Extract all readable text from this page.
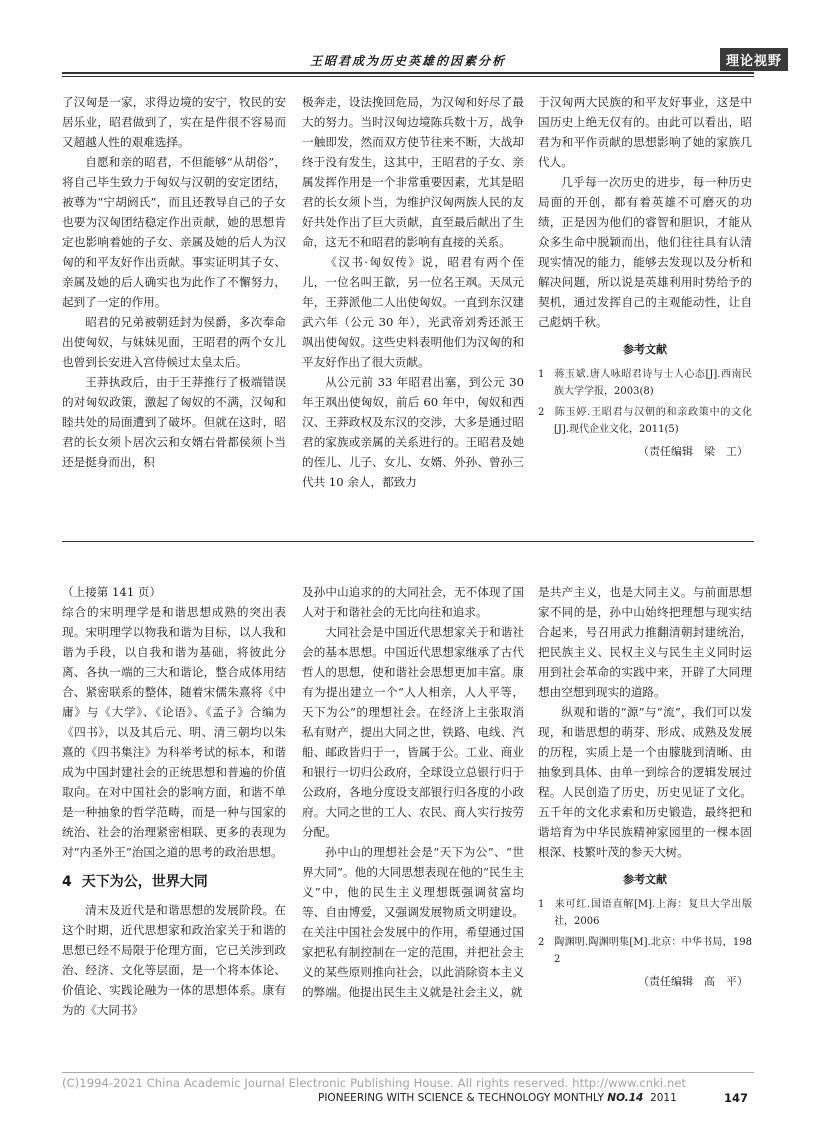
王昭君成为历史英雄的因素分析	理论视野

了汉匈是一家，求得边境的安宁，牧民的安居乐业，昭君做到了，实在是件很不容易而又超越人性的艰难选择。

自愿和亲的昭君，不但能够“从胡俗”，将自己毕生致力于匈奴与汉朝的安定团结，被尊为“宁胡阏氏”，而且还教导自己的子女也要为汉匈团结稳定作出贡献，她的思想肯定也影响着她的子女、亲属及她的后人为汉匈的和平友好作出贡献。事实证明其子女、亲属及她的后人确实也为此作了不懈努力，起到了一定的作用。

昭君的兄弟被朝廷封为侯爵，多次奉命出使匈奴，与妹妹见面，王昭君的两个女儿也曾到长安进入宫侍候过太皇太后。

王莽执政后，由于王莽推行了极端错误的对匈奴政策，激起了匈奴的不满，汉匈和睦共处的局面遭到了破坏。但就在这时，昭君的长女须卜居次云和女婿右骨都侯须卜当还是挺身而出，积

极奔走，设法挽回危局，为汉匈和好尽了最大的努力。当时汉匈边境陈兵数十万，战争一触即发，然而双方使节往来不断，大战却终于没有发生，这其中，王昭君的子女、亲属发挥作用是一个非常重要因素，尤其是昭君的长女须卜当，为维护汉匈两族人民的友好共处作出了巨大贡献，直至最后献出了生命，这无不和昭君的影响有直接的关系。

《汉书·匈奴传》说，昭君有两个侄儿，一位名叫王歙，另一位名王飒。天凤元年，王莽派他二人出使匈奴。一直到东汉建武六年（公元 30 年），光武帝刘秀还派王飒出使匈奴。这些史料表明他们为汉匈的和平友好作出了很大贡献。

从公元前 33 年昭君出塞，到公元 30 年王飒出使匈奴，前后 60 年中，匈奴和西汉、王莽政权及东汉的交涉，大多是通过昭君的家族或亲属的关系进行的。王昭君及她的侄儿、儿子、女儿、女婿、外孙、曾孙三代共 10 余人，都致力

于汉匈两大民族的和平友好事业，这是中国历史上绝无仅有的。由此可以看出，昭君为和平作贡献的思想影响了她的家族几代人。

几乎每一次历史的进步，每一种历史局面的开创，都有着英雄不可磨灭的功绩，正是因为他们的睿智和胆识，才能从众多生命中脱颖而出，他们往往具有认清现实情况的能力，能够去发现以及分析和解决问题，所以说是英雄利用时势给予的契机，通过发挥自己的主观能动性，让自己彪炳千秋。

参考文献
1 蒋玉斌.唐人咏昭君诗与士人心态[J].西南民族大学学报，2003(8)
2 陈玉婷.王昭君与汉朝的和亲政策中的文化[J].现代企业文化，2011(5)
（责任编辑　梁　工）

（上接第 141 页）

综合的宋明理学是和谐思想成熟的突出表现。宋明理学以物我和谐为目标，以人我和谐为手段，以自我和谐为基础，将彼此分离、各执一端的三大和谐论，整合成体用结合、紧密联系的整体，随着宋儒朱熹将《中庸》与《大学》、《论语》、《孟子》合编为《四书》，以及其后元、明、清三朝均以朱熹的《四书集注》为科举考试的标本，和谐成为中国封建社会的正统思想和普遍的价值取向。在对中国社会的影响方面，和谐不单是一种抽象的哲学范畴，而是一种与国家的统治、社会的治理紧密相联、更多的表现为对“内圣外王”治国之道的思考的政治思想。

4 天下为公，世界大同

清末及近代是和谐思想的发展阶段。在这个时期，近代思想家和政治家关于和谐的思想已经不局限于伦理方面，它已关涉到政治、经济、文化等层面，是一个将本体论、价值论、实践论融为一体的思想体系。康有为的《大同书》

及孙中山追求的的大同社会，无不体现了国人对于和谐社会的无比向往和追求。

大同社会是中国近代思想家关于和谐社会的基本思想。中国近代思想家继承了古代哲人的思想，使和谐社会思想更加丰富。康有为提出建立一个“人人相亲，人人平等，天下为公”的理想社会。在经济上主张取消私有财产，提出大同之世，铁路、电线、汽船、邮政皆归于一，皆属于公。工业、商业和银行一切归公政府，全球设立总银行归于公政府，各地分度设支部银行归各度的小政府。大同之世的工人、农民、商人实行按劳分配。

孙中山的理想社会是“天下为公”、“世界大同”。他的大同思想表现在他的“民生主义”中，他的民生主义理想既强调贫富均等、自由博爱，又强调发展物质文明建设。在关注中国社会发展中的作用，希望通过国家把私有制控制在一定的范围，并把社会主义的某些原则推向社会，以此消除资本主义的弊端。他提出民生主义就是社会主义，就

是共产主义，也是大同主义。与前面思想家不同的是，孙中山始终把理想与现实结合起来，号召用武力推翻清朝封建统治，把民族主义、民权主义与民生主义同时运用到社会革命的实践中来，开辟了大同理想由空想到现实的道路。

纵观和谐的“源”与“流”，我们可以发现，和谐思想的萌芽、形成、成熟及发展的历程，实质上是一个由朦胧到清晰、由抽象到具体、由单一到综合的逻辑发展过程。人民创造了历史，历史见证了文化。五千年的文化求索和历史锻造，最终把和谐培育为中华民族精神家园里的一棵本固根深、枝繁叶茂的参天大树。

参考文献
1 来可红.国语直解[M].上海：复旦大学出版社，2006
2 陶渊明.陶渊明集[M].北京：中华书局，1982
（责任编辑　高　平）
(C)1994-2021 China Academic Journal Electronic Publishing House. All rights reserved. http://www.cnki.net
PIONEERING WITH SCIENCE & TECHNOLOGY MONTHLY NO.14 2011	147
